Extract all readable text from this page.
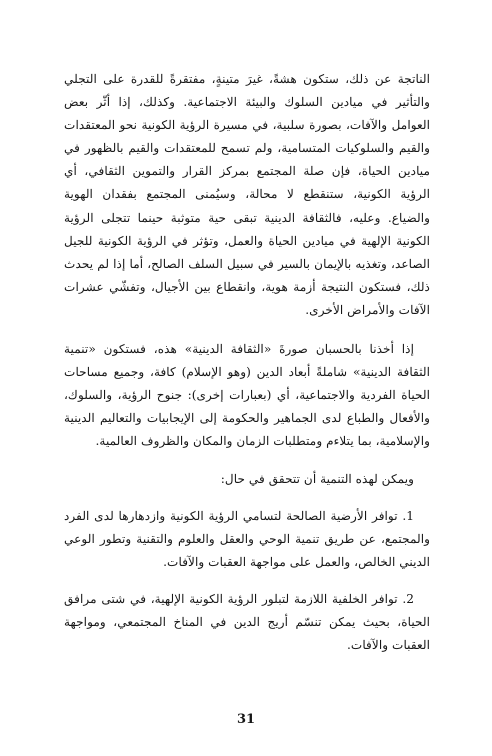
الناتجة عن ذلك، ستكون هشةً، غيرَ متينةٍ، مفتقرةً للقدرة على التجلي والتأثير في ميادين السلوك والبيئة الاجتماعية. وكذلك، إذا أثّر بعض العوامل والآفات، بصورة سلبية، في مسيرة الرؤية الكونية نحو المعتقدات والقيم والسلوكيات المتسامية، ولم تسمح للمعتقدات والقيم بالظهور في ميادين الحياة، فإن صلة المجتمع بمركز القرار والتموين الثقافي، أي الرؤية الكونية، ستنقطع لا محالة، وسيُمنى المجتمع بفقدان الهوية والضياع. وعليه، فالثقافة الدينية تبقى حية متوثبة حينما تتجلى الرؤية الكونية الإلهية في ميادين الحياة والعمل، وتؤثر في الرؤية الكونية للجيل الصاعد، وتغذيه بالإيمان بالسير في سبيل السلف الصالح، أما إذا لم يحدث ذلك، فستكون النتيجة أزمة هوية، وانقطاع بين الأجيال، وتفشّي عشرات الآفات والأمراض الأخرى.

إذا أخذنا بالحسبان صورةَ «الثقافة الدينية» هذه، فستكون «تنمية الثقافة الدينية» شاملةً أبعاد الدين (وهو الإسلام) كافة، وجميع مساحات الحياة الفردية والاجتماعية، أي (بعبارات إخرى): جنوح الرؤية، والسلوك، والأفعال والطباع لدى الجماهير والحكومة إلى الإيجابيات والتعاليم الدينية والإسلامية، بما يتلاءم ومتطلبات الزمان والمكان والظروف العالمية.

ويمكن لهذه التنمية أن تتحقق في حال:

1. توافر الأرضية الصالحة لتسامي الرؤية الكونية وازدهارها لدى الفرد والمجتمع، عن طريق تنمية الوحي والعقل والعلوم والتقنية وتطور الوعي الديني الخالص، والعمل على مواجهة العقبات والآفات.

2. توافر الخلفية اللازمة لتبلور الرؤية الكونية الإلهية، في شتى مرافق الحياة، بحيث يمكن تنسّم أريج الدين في المناخ المجتمعي، ومواجهة العقبات والآفات.

31
